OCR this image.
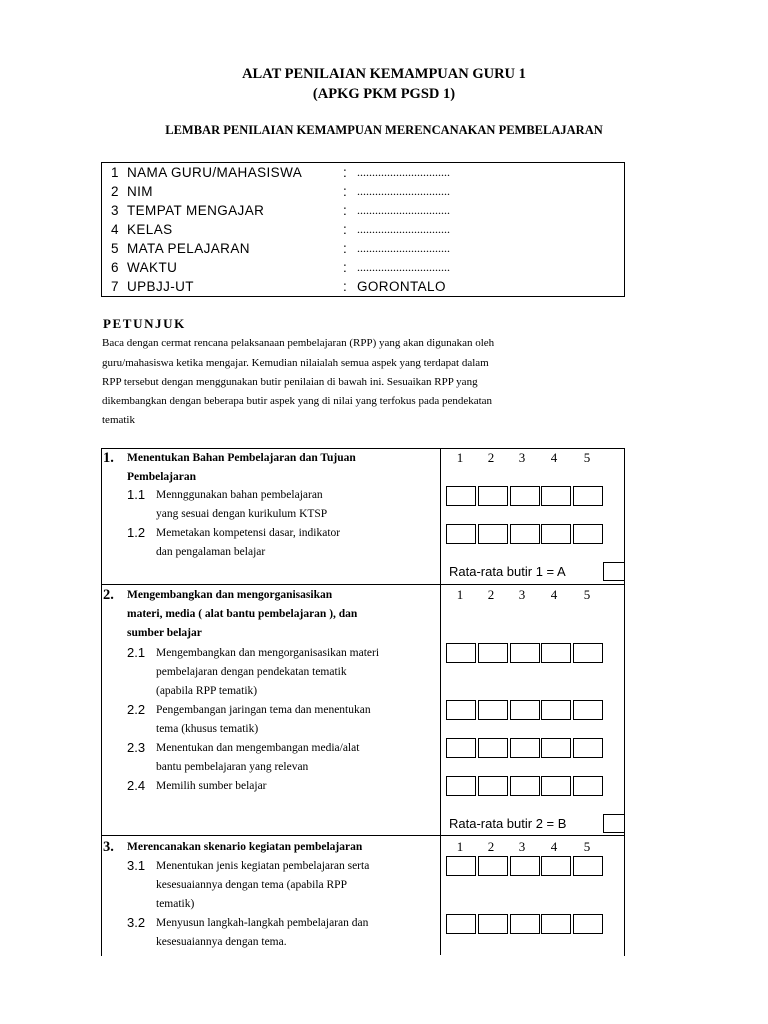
ALAT PENILAIAN KEMAMPUAN GURU 1
(APKG PKM PGSD 1)
LEMBAR PENILAIAN KEMAMPUAN MERENCANAKAN PEMBELAJARAN
1 NAMA GURU/MAHASISWA	: ...............................
2 NIM	: ...............................
3 TEMPAT MENGAJAR	: ...............................
4 KELAS	: ...............................
5 MATA PELAJARAN	: ...............................
6 WAKTU	: ...............................
7 UPBJJ-UT	: GORONTALO
PETUNJUK
Baca dengan cermat rencana pelaksanaan pembelajaran (RPP) yang akan digunakan oleh
guru/mahasiswa ketika mengajar. Kemudian nilaialah semua aspek yang terdapat dalam
RPP tersebut dengan menggunakan butir penilaian di bawah ini. Sesuaikan RPP yang
dikembangkan dengan beberapa butir aspek yang di nilai yang terfokus pada pendekatan
tematik
1. Menentukan Bahan Pembelajaran dan Tujuan
Pembelajaran
1	2	3	4	5
1.1 Mennggunakan bahan pembelajaran
yang sesuai dengan kurikulum KTSP
1.2 Memetakan kompetensi dasar, indikator
dan pengalaman belajar
Rata-rata butir 1 = A
2. Mengembangkan dan mengorganisasikan
materi, media ( alat bantu pembelajaran ), dan
sumber belajar
1	2	3	4	5
2.1 Mengembangkan dan mengorganisasikan materi
pembelajaran dengan pendekatan tematik
(apabila RPP tematik)
2.2 Pengembangan jaringan tema dan menentukan
tema (khusus tematik)
2.3 Menentukan dan mengembangan media/alat
bantu pembelajaran yang relevan
2.4 Memilih sumber belajar
Rata-rata butir 2 = B
3. Merencanakan skenario kegiatan pembelajaran	1	2	3	4	5
3.1 Menentukan jenis kegiatan pembelajaran serta
kesesuaiannya dengan tema (apabila RPP
tematik)
3.2 Menyusun langkah-langkah pembelajaran dan
kesesuaiannya dengan tema.
